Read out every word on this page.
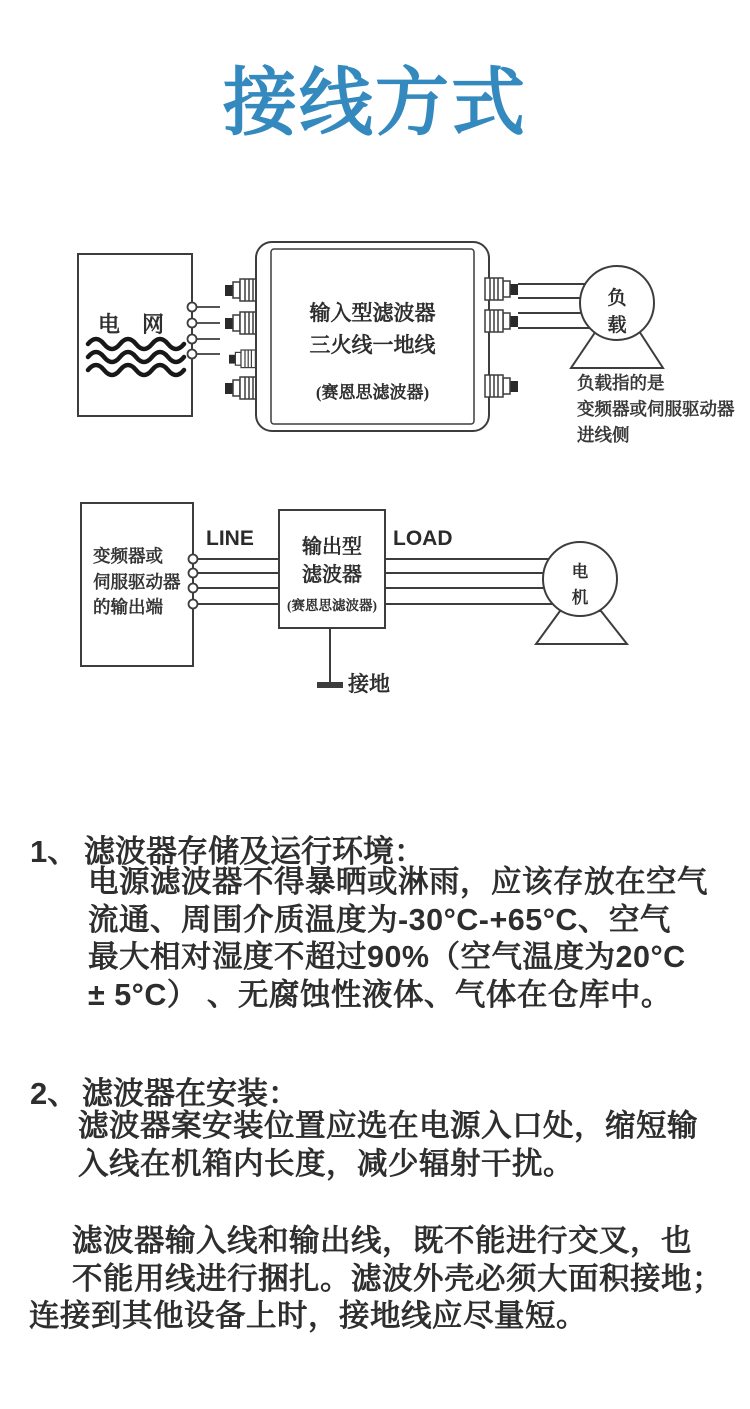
接线方式
电　网	输入型滤波器
三火线一地线
(赛恩思滤波器)
负
载
负载指的是
变频器或伺服驱动器
进线侧
变频器或
伺服驱动器
的输出端
LINE	LOAD
输出型
滤波器
(赛恩思滤波器)
电
机
接地
1、 滤波器存储及运行环境：
电源滤波器不得暴晒或淋雨，应该存放在空气
流通、周围介质温度为-30°C-+65°C、空气
最大相对湿度不超过90%（空气温度为20°C
± 5°C） 、无腐蚀性液体、气体在仓库中。
2、 滤波器在安装：
滤波器案安装位置应选在电源入口处，缩短输
入线在机箱内长度，减少辐射干扰。
滤波器输入线和输出线，既不能进行交叉，也
不能用线进行捆扎。滤波外壳必须大面积接地；
连接到其他设备上时，接地线应尽量短。
